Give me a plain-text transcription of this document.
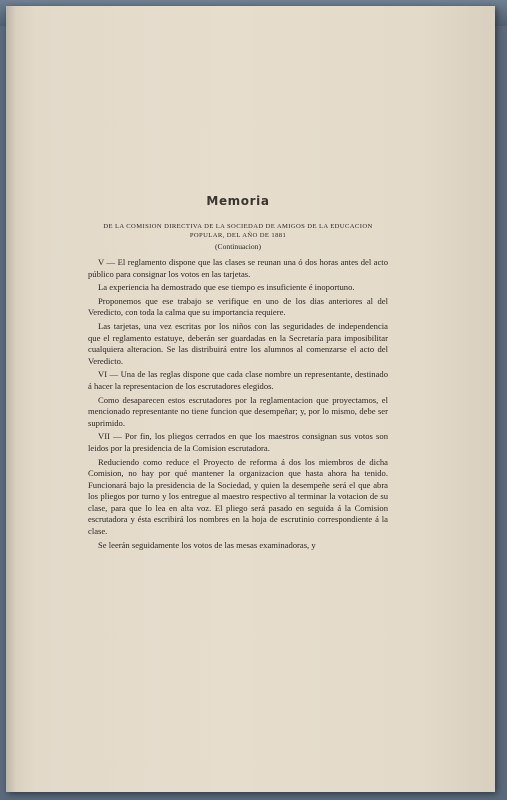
Memoria

DE LA COMISION DIRECTIVA DE LA SOCIEDAD DE AMIGOS DE LA EDUCACION

POPULAR, DEL AÑO DE 1881

(Continuacion)

V — El reglamento dispone que las clases se reunan una ó dos horas antes del acto público para consignar los votos en las tarjetas.

La experiencia ha demostrado que ese tiempo es insuficiente é inoportuno.

Proponemos que ese trabajo se verifique en uno de los dias anteriores al del Veredicto, con toda la calma que su importancia requiere.

Las tarjetas, una vez escritas por los niños con las seguridades de independencia que el reglamento estatuye, deberán ser guardadas en la Secretaría para imposibilitar cualquiera alteracion. Se las distribuirá entre los alumnos al comenzarse el acto del Veredicto.

VI — Una de las reglas dispone que cada clase nombre un representante, destinado á hacer la representacion de los escrutadores elegidos.

Como desaparecen estos escrutadores por la reglamentacion que proyectamos, el mencionado representante no tiene funcion que desempeñar; y, por lo mismo, debe ser suprimido.

VII — Por fin, los pliegos cerrados en que los maestros consignan sus votos son leidos por la presidencia de la Comision escrutadora.

Reduciendo como reduce el Proyecto de reforma á dos los miembros de dicha Comision, no hay por qué mantener la organizacion que hasta ahora ha tenido. Funcionará bajo la presidencia de la Sociedad, y quien la desempeñe será el que abra los pliegos por turno y los entregue al maestro respectivo al terminar la votacion de su clase, para que lo lea en alta voz. El pliego será pasado en seguida á la Comision escrutadora y ésta escribirá los nombres en la hoja de escrutinio correspondiente á la clase.

Se leerán seguidamente los votos de las mesas examinadoras, y
